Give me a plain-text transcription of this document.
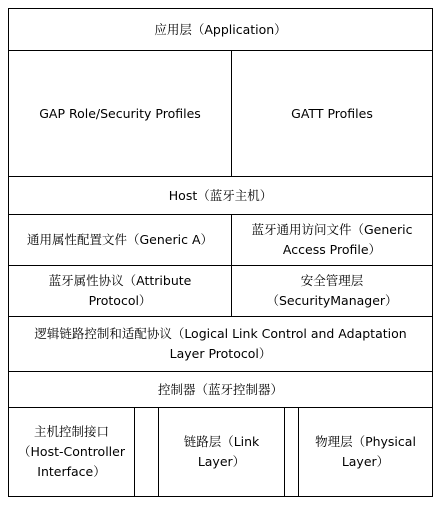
应用层（Application）
GAP Role/Security Profiles	GATT Profiles
Host（蓝牙主机）
通用属性配置文件（Generic A）
蓝牙通用访问文件（Generic Access Profile）
蓝牙属性协议（Attribute Protocol）
安全管理层（SecurityManager）
逻辑链路控制和适配协议（Logical Link Control and Adaptation Layer Protocol）
控制器（蓝牙控制器）
主机控制接口（Host-Controller Interface）
链路层（Link Layer）
物理层（Physical Layer）
